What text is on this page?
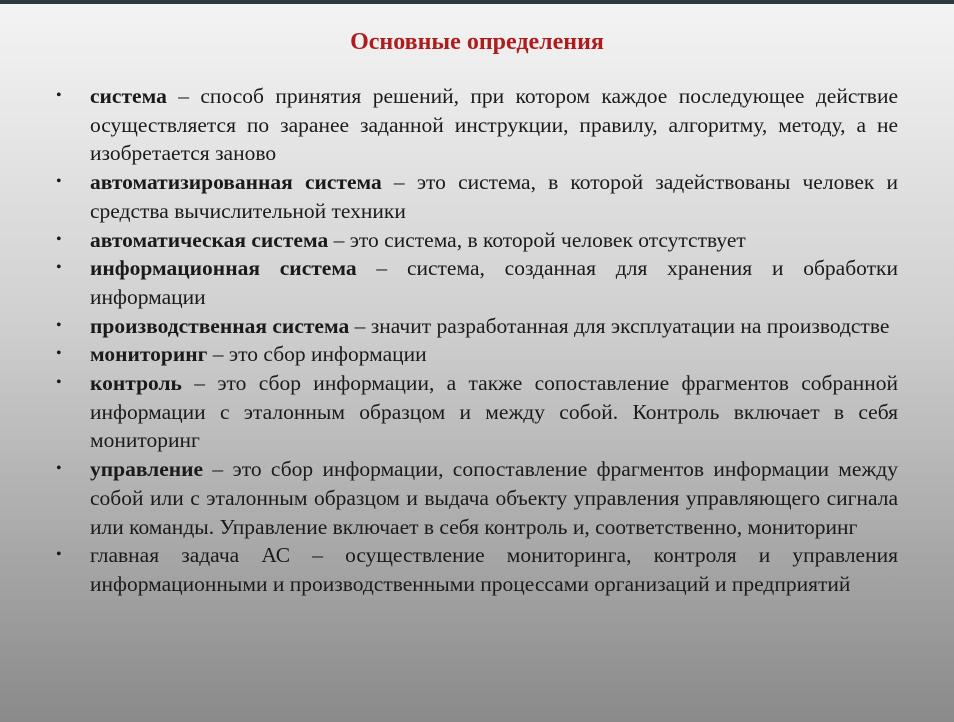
Основные определения
• система – способ принятия решений, при котором каждое последующее действие осуществляется по заранее заданной инструкции, правилу, алгоритму, методу, а не изобретается заново
• автоматизированная система – это система, в которой задействованы человек и средства вычислительной техники
• автоматическая система – это система, в которой человек отсутствует
• информационная система – система, созданная для хранения и обработки информации
• производственная система – значит разработанная для эксплуатации на производстве
• мониторинг – это сбор информации
• контроль – это сбор информации, а также сопоставление фрагментов собранной информации с эталонным образцом и между собой. Контроль включает в себя мониторинг
• управление – это сбор информации, сопоставление фрагментов информации между собой или с эталонным образцом и выдача объекту управления управляющего сигнала или команды. Управление включает в себя контроль и, соответственно, мониторинг
• главная задача АС – осуществление мониторинга, контроля и управления информационными и производственными процессами организаций и предприятий
